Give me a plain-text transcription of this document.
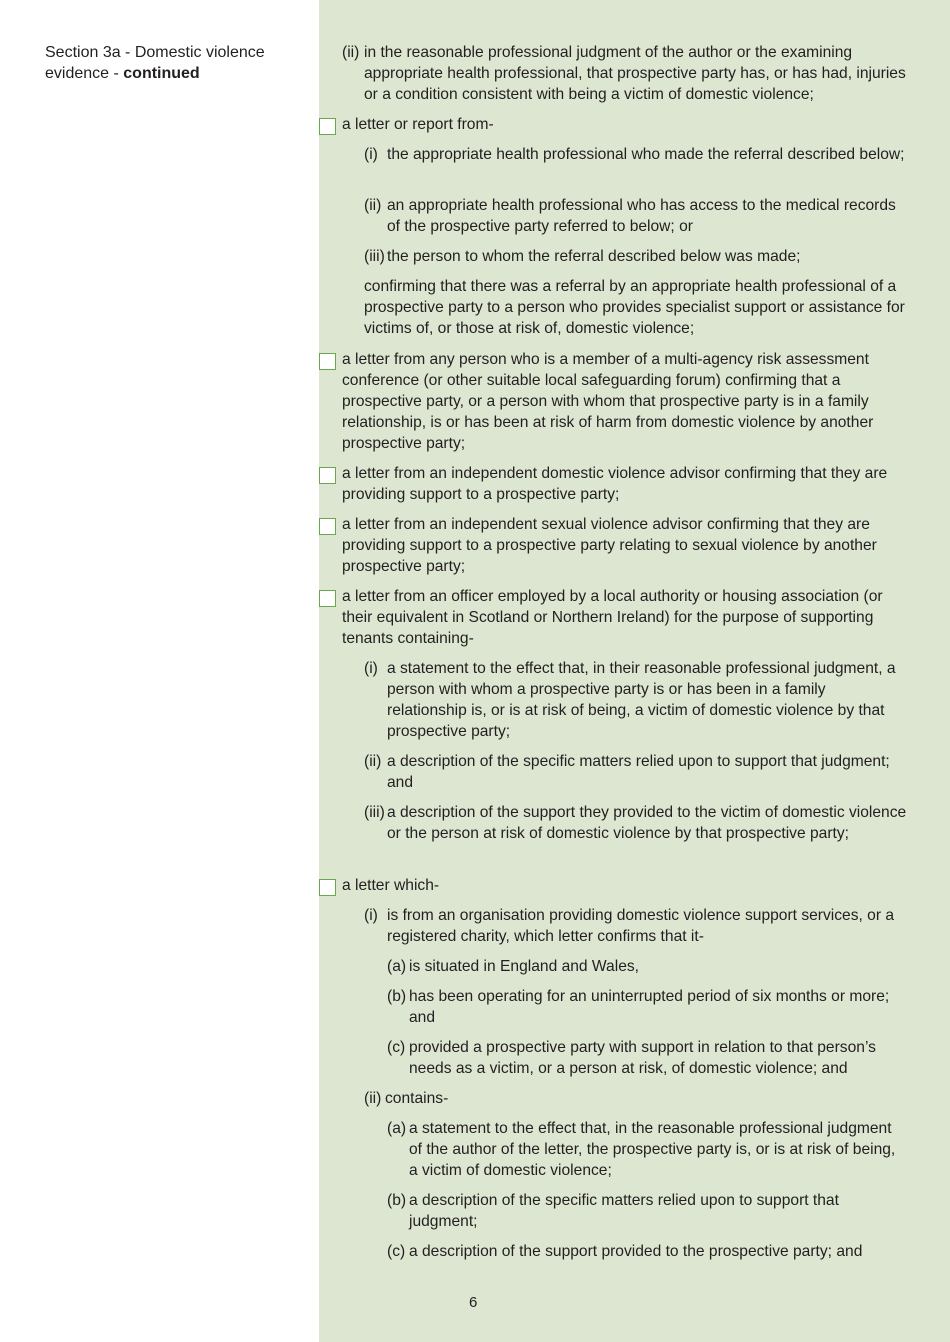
Section 3a - Domestic violence evidence - continued
(ii) in the reasonable professional judgment of the author or the examining appropriate health professional, that prospective party has, or has had, injuries or a condition consistent with being a victim of domestic violence;
a letter or report from-
(i) the appropriate health professional who made the referral described below;
(ii) an appropriate health professional who has access to the medical records of the prospective party referred to below; or
(iii) the person to whom the referral described below was made;
confirming that there was a referral by an appropriate health professional of a prospective party to a person who provides specialist support or assistance for victims of, or those at risk of, domestic violence;
a letter from any person who is a member of a multi-agency risk assessment conference (or other suitable local safeguarding forum) confirming that a prospective party, or a person with whom that prospective party is in a family relationship, is or has been at risk of harm from domestic violence by another prospective party;
a letter from an independent domestic violence advisor confirming that they are providing support to a prospective party;
a letter from an independent sexual violence advisor confirming that they are providing support to a prospective party relating to sexual violence by another prospective party;
a letter from an officer employed by a local authority or housing association (or their equivalent in Scotland or Northern Ireland) for the purpose of supporting tenants containing-
(i) a statement to the effect that, in their reasonable professional judgment, a person with whom a prospective party is or has been in a family relationship is, or is at risk of being, a victim of domestic violence by that prospective party;
(ii) a description of the specific matters relied upon to support that judgment; and
(iii) a description of the support they provided to the victim of domestic violence or the person at risk of domestic violence by that prospective party;
a letter which-
(i) is from an organisation providing domestic violence support services, or a registered charity, which letter confirms that it-
(a) is situated in England and Wales,
(b) has been operating for an uninterrupted period of six months or more; and
(c) provided a prospective party with support in relation to that person’s needs as a victim, or a person at risk, of domestic violence; and
(ii) contains-
(a) a statement to the effect that, in the reasonable professional judgment of the author of the letter, the prospective party is, or is at risk of being, a victim of domestic violence;
(b) a description of the specific matters relied upon to support that judgment;
(c) a description of the support provided to the prospective party; and
6
